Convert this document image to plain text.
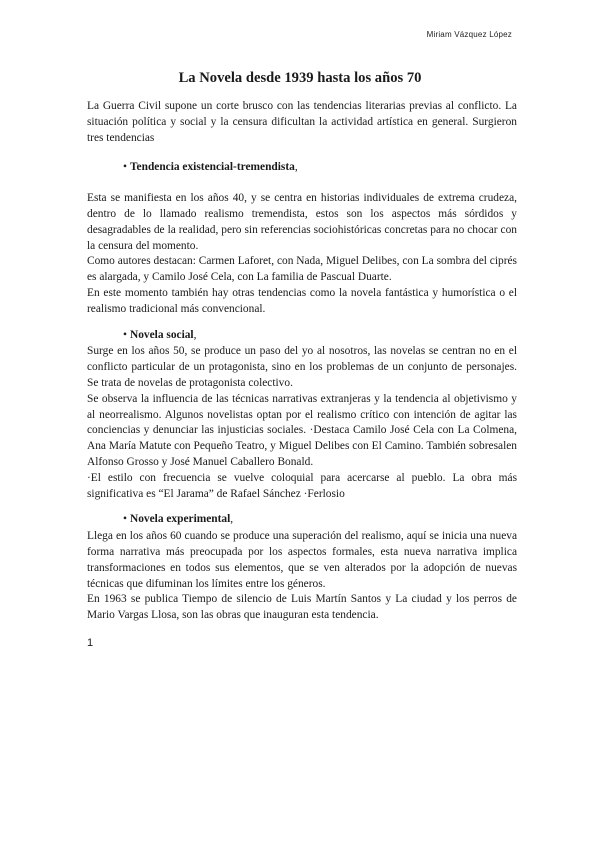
Miriam Vázquez López
La Novela desde 1939 hasta los años 70

La Guerra Civil supone un corte brusco con las tendencias literarias previas al conflicto. La situación política y social y la censura dificultan la actividad artística en general. Surgieron tres tendencias

• Tendencia existencial-tremendista,

Esta se manifiesta en los años 40, y se centra en historias individuales de extrema crudeza, dentro de lo llamado realismo tremendista, estos son los aspectos más sórdidos y desagradables de la realidad, pero sin referencias sociohistóricas concretas para no chocar con la censura del momento.

Como autores destacan: Carmen Laforet, con Nada, Miguel Delibes, con La sombra del ciprés es alargada, y Camilo José Cela, con La familia de Pascual Duarte.

En este momento también hay otras tendencias como la novela fantástica y humorística o el realismo tradicional más convencional.

• Novela social,

Surge en los años 50, se produce un paso del yo al nosotros, las novelas se centran no en el conflicto particular de un protagonista, sino en los problemas de un conjunto de personajes. Se trata de novelas de protagonista colectivo.

Se observa la influencia de las técnicas narrativas extranjeras y la tendencia al objetivismo y al neorrealismo. Algunos novelistas optan por el realismo crítico con intención de agitar las conciencias y denunciar las injusticias sociales. ·Destaca Camilo José Cela con La Colmena, Ana María Matute con Pequeño Teatro, y Miguel Delibes con El Camino. También sobresalen Alfonso Grosso y José Manuel Caballero Bonald.

·El estilo con frecuencia se vuelve coloquial para acercarse al pueblo. La obra más significativa es “El Jarama” de Rafael Sánchez ·Ferlosio

• Novela experimental,

Llega en los años 60 cuando se produce una superación del realismo, aquí se inicia una nueva forma narrativa más preocupada por los aspectos formales, esta nueva narrativa implica transformaciones en todos sus elementos, que se ven alterados por la adopción de nuevas técnicas que difuminan los límites entre los géneros.

En 1963 se publica Tiempo de silencio de Luis Martín Santos y La ciudad y los perros de Mario Vargas Llosa, son las obras que inauguran esta tendencia.

1
